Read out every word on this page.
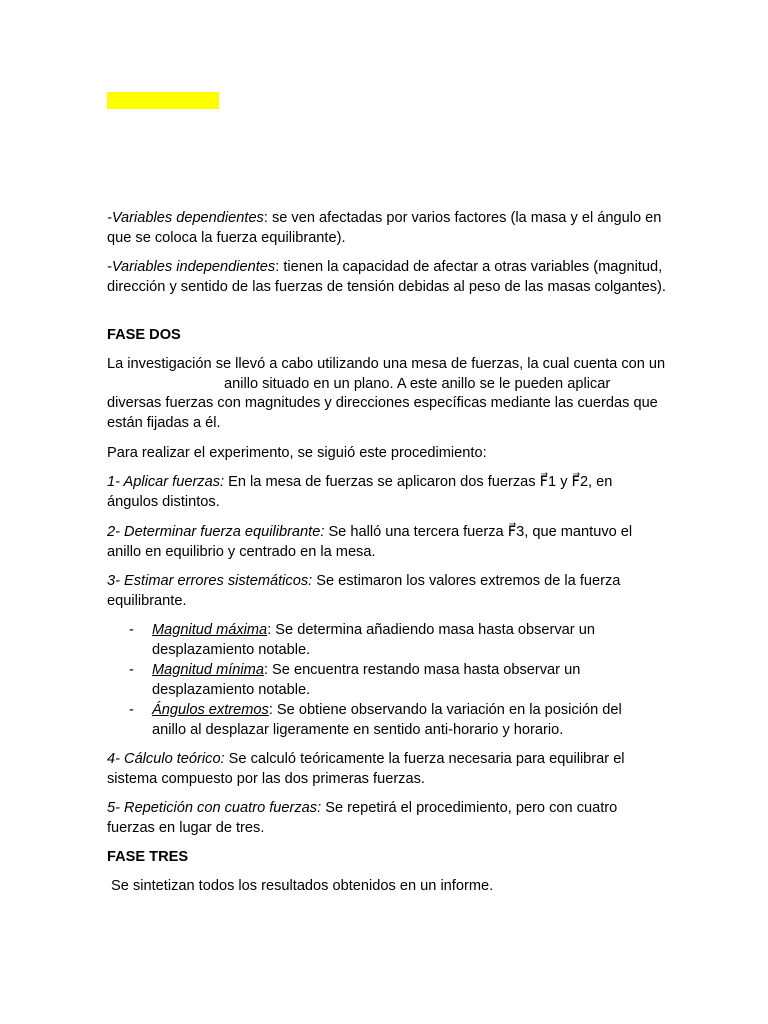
-Variables dependientes: se ven afectadas por varios factores (la masa y el ángulo en que se coloca la fuerza equilibrante).

-Variables independientes: tienen la capacidad de afectar a otras variables (magnitud, dirección y sentido de las fuerzas de tensión debidas al peso de las masas colgantes).

FASE DOS

La investigación se llevó a cabo utilizando una mesa de fuerzas, la cual cuenta con unanillo situado en un plano. A este anillo se le pueden aplicar diversas fuerzas con magnitudes y direcciones específicas mediante las cuerdas que están fijadas a él.

Para realizar el experimento, se siguió este procedimiento:

1- Aplicar fuerzas: En la mesa de fuerzas se aplicaron dos fuerzas F⃗1 y F⃗2, en ángulos distintos.

2- Determinar fuerza equilibrante: Se halló una tercera fuerza F⃗3, que mantuvo el anillo en equilibrio y centrado en la mesa.

3- Estimar errores sistemáticos: Se estimaron los valores extremos de la fuerza equilibrante.

- Magnitud máxima: Se determina añadiendo masa hasta observar un desplazamiento notable.
- Magnitud mínima: Se encuentra restando masa hasta observar un desplazamiento notable.
- Ángulos extremos: Se obtiene observando la variación en la posición del anillo al desplazar ligeramente en sentido anti-horario y horario.

4- Cálculo teórico: Se calculó teóricamente la fuerza necesaria para equilibrar el sistema compuesto por las dos primeras fuerzas.

5- Repetición con cuatro fuerzas: Se repetirá el procedimiento, pero con cuatro fuerzas en lugar de tres.

FASE TRES

Se sintetizan todos los resultados obtenidos en un informe.
